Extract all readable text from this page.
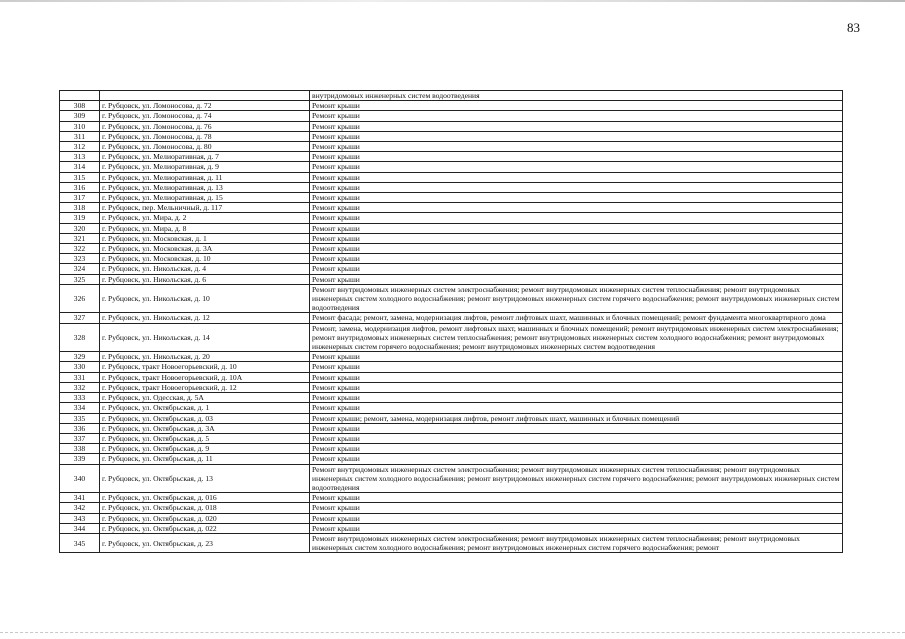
83
		внутридомовых инженерных систем водоотведения
308	г. Рубцовск, ул. Ломоносова, д. 72	Ремонт крыши
309	г. Рубцовск, ул. Ломоносова, д. 74	Ремонт крыши
310	г. Рубцовск, ул. Ломоносова, д. 76	Ремонт крыши
311	г. Рубцовск, ул. Ломоносова, д. 78	Ремонт крыши
312	г. Рубцовск, ул. Ломоносова, д. 80	Ремонт крыши
313	г. Рубцовск, ул. Мелиоративная, д. 7	Ремонт крыши
314	г. Рубцовск, ул. Мелиоративная, д. 9	Ремонт крыши
315	г. Рубцовск, ул. Мелиоративная, д. 11	Ремонт крыши
316	г. Рубцовск, ул. Мелиоративная, д. 13	Ремонт крыши
317	г. Рубцовск, ул. Мелиоративная, д. 15	Ремонт крыши
318	г. Рубцовск, пер. Мельничный, д. 117	Ремонт крыши
319	г. Рубцовск, ул. Мира, д. 2	Ремонт крыши
320	г. Рубцовск, ул. Мира, д. 8	Ремонт крыши
321	г. Рубцовск, ул. Московская, д. 1	Ремонт крыши
322	г. Рубцовск, ул. Московская, д. 3А	Ремонт крыши
323	г. Рубцовск, ул. Московская, д. 10	Ремонт крыши
324	г. Рубцовск, ул. Никольская, д. 4	Ремонт крыши
325	г. Рубцовск, ул. Никольская, д. 6	Ремонт крыши
326	г. Рубцовск, ул. Никольская, д. 10	Ремонт внутридомовых инженерных систем электроснабжения; ремонт внутридомовых инженерных систем теплоснабжения; ремонт внутридомовых инженерных систем холодного водоснабжения; ремонт внутридомовых инженерных систем горячего водоснабжения; ремонт внутридомовых инженерных систем водоотведения
327	г. Рубцовск, ул. Никольская, д. 12	Ремонт фасада; ремонт, замена, модернизация лифтов, ремонт лифтовых шахт, машинных и блочных помещений; ремонт фундамента многоквартирного дома
328	г. Рубцовск, ул. Никольская, д. 14	Ремонт, замена, модернизация лифтов, ремонт лифтовых шахт, машинных и блочных помещений; ремонт внутридомовых инженерных систем электроснабжения; ремонт внутридомовых инженерных систем теплоснабжения; ремонт внутридомовых инженерных систем холодного водоснабжения; ремонт внутридомовых инженерных систем горячего водоснабжения; ремонт внутридомовых инженерных систем водоотведения
329	г. Рубцовск, ул. Никольская, д. 20	Ремонт крыши
330	г. Рубцовск, тракт Новоегорьевский, д. 10	Ремонт крыши
331	г. Рубцовск, тракт Новоегорьевский, д. 10А	Ремонт крыши
332	г. Рубцовск, тракт Новоегорьевский, д. 12	Ремонт крыши
333	г. Рубцовск, ул. Одесская, д. 5А	Ремонт крыши
334	г. Рубцовск, ул. Октябрьская, д. 1	Ремонт крыши
335	г. Рубцовск, ул. Октябрьская, д. 03	Ремонт крыши; ремонт, замена, модернизация лифтов, ремонт лифтовых шахт, машинных и блочных помещений
336	г. Рубцовск, ул. Октябрьская, д. 3А	Ремонт крыши
337	г. Рубцовск, ул. Октябрьская, д. 5	Ремонт крыши
338	г. Рубцовск, ул. Октябрьская, д. 9	Ремонт крыши
339	г. Рубцовск, ул. Октябрьская, д. 11	Ремонт крыши
340	г. Рубцовск, ул. Октябрьская, д. 13	Ремонт внутридомовых инженерных систем электроснабжения; ремонт внутридомовых инженерных систем теплоснабжения; ремонт внутридомовых инженерных систем холодного водоснабжения; ремонт внутридомовых инженерных систем горячего водоснабжения; ремонт внутридомовых инженерных систем водоотведения
341	г. Рубцовск, ул. Октябрьская, д. 016	Ремонт крыши
342	г. Рубцовск, ул. Октябрьская, д. 018	Ремонт крыши
343	г. Рубцовск, ул. Октябрьская, д. 020	Ремонт крыши
344	г. Рубцовск, ул. Октябрьская, д. 022	Ремонт крыши
345	г. Рубцовск, ул. Октябрьская, д. 23	Ремонт внутридомовых инженерных систем электроснабжения; ремонт внутридомовых инженерных систем теплоснабжения; ремонт внутридомовых инженерных систем холодного водоснабжения; ремонт внутридомовых инженерных систем горячего водоснабжения; ремонт
